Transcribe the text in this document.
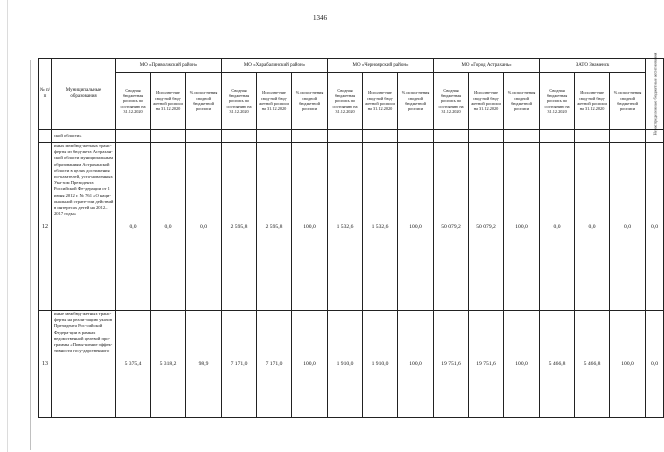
1346
№ п/п	Муниципальные образования	МО «Приволжский район»			МО «Харабалинский район»			МО «Черноярский район»			МО «Город Астрахань»			ЗАТО Знаменск			Нераспределенные бюджетные ассигнования

		Сводная бюджетная роспись по состоянию на 31.12.2020	Исполне-ние свод-ной бюд-жетной росписи на 31.12.2020	% испол-нения сводной бюджетной росписи	Сводная бюджетная роспись по состоянию на 31.12.2020	Исполне-ние свод-ной бюд-жетной росписи на 31.12.2020	% испол-нения сводной бюджетной росписи	Сводная бюджетная роспись по состоянию на 31.12.2020	Исполне-ние свод-ной бюд-жетной росписи на 31.12.2020	% испол-нения сводной бюджетной росписи	Сводная бюджетная роспись по состоянию на 31.12.2020	Исполне-ние свод-ной бюд-жетной росписи на 31.12.2020	% испол-нения сводной бюджетной росписи	Сводная бюджетная роспись по состоянию на 31.12.2020	Исполне-ние свод-ной бюд-жетной росписи на 31.12.2020	% испол-нения сводной бюджетной росписи	
	ской области»																
12	иных межбюд-жетных транс-ферты из бюд-жета Астрахан-ской области муниципальным образованиям Астраханской области в целях достижения по-казателей, уста-новленных Ука-зом Президента Российской Фе-дерации от 1 июня 2012 г. № 761 «О наци-ональной страте-гии действий в интересах детей на 2012–2017 годы»	0,0	0,0	0,0	2 595,8	2 595,8	100,0	1 532,6	1 532,6	100,0	50 079,2	50 079,2	100,0	0,0	0,0	0,0	0,0
13	иные межбюд-жетных транс-ферты на реали-зацию указов Президента Рос-сийской Федера-ции в рамках ведомственной целевой про-граммы «Повы-шение эффек-тивности госу-дарственного	5 375,4	5 318,2	98,9	7 171,0	7 171,0	100,0	1 910,0	1 910,0	100,0	19 751,6	19 751,6	100,0	5 466,8	5 466,8	100,0	0,0
